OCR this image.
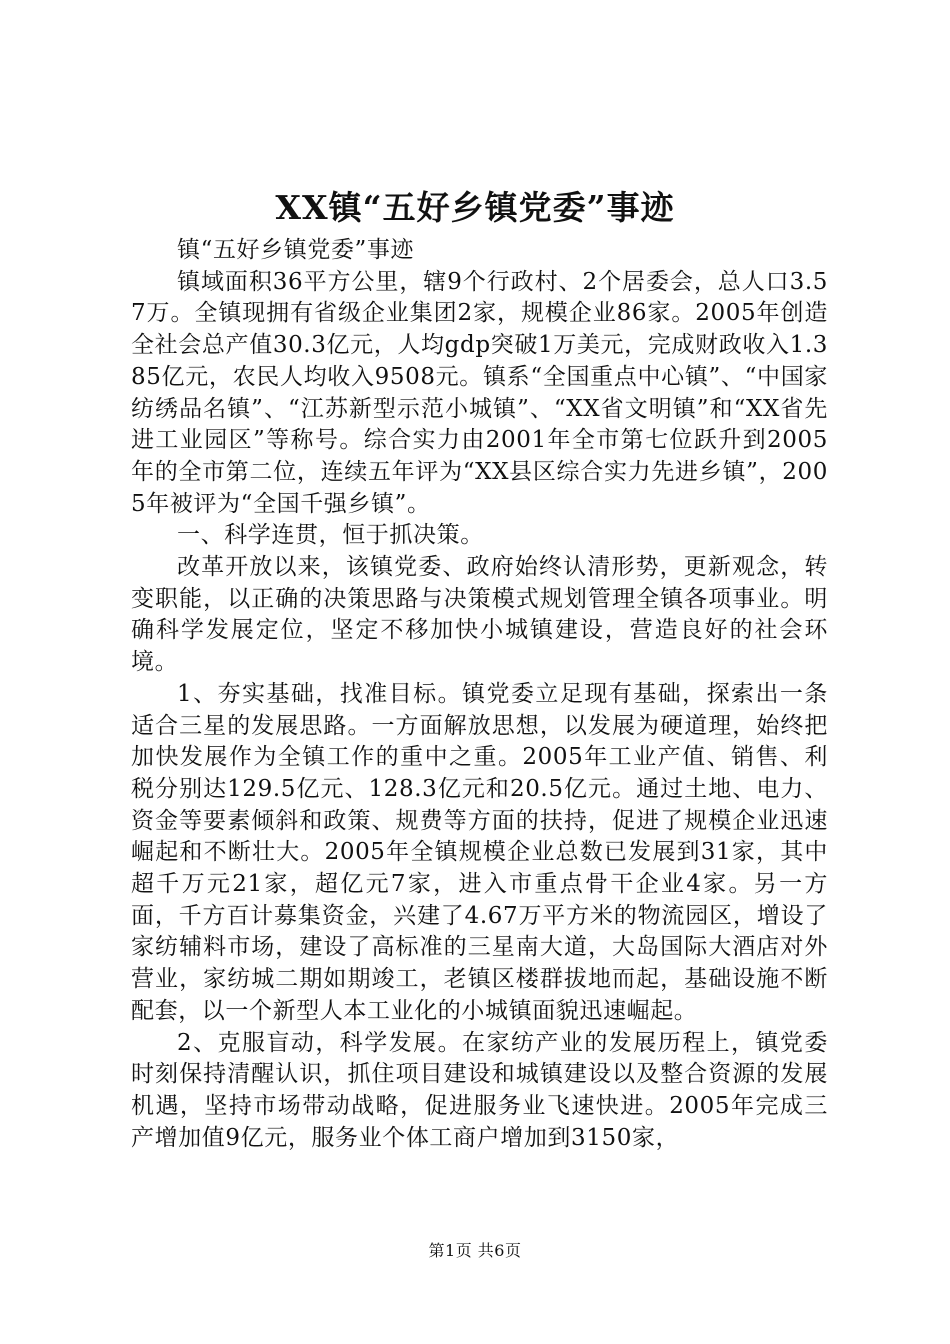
XX镇“五好乡镇党委”事迹

镇“五好乡镇党委”事迹

镇域面积36平方公里，辖9个行政村、2个居委会，总人口3.57万。全镇现拥有省级企业集团2家，规模企业86家。2005年创造全社会总产值30.3亿元，人均gdp突破1万美元，完成财政收入1.385亿元，农民人均收入9508元。镇系“全国重点中心镇”、“中国家纺绣品名镇”、“江苏新型示范小城镇”、“XX省文明镇”和“XX省先进工业园区”等称号。综合实力由2001年全市第七位跃升到2005年的全市第二位，连续五年评为“XX县区综合实力先进乡镇”，2005年被评为“全国千强乡镇”。

一、科学连贯，恒于抓决策。

改革开放以来，该镇党委、政府始终认清形势，更新观念，转变职能，以正确的决策思路与决策模式规划管理全镇各项事业。明确科学发展定位，坚定不移加快小城镇建设，营造良好的社会环境。

1、夯实基础，找准目标。镇党委立足现有基础，探索出一条适合三星的发展思路。一方面解放思想，以发展为硬道理，始终把加快发展作为全镇工作的重中之重。2005年工业产值、销售、利税分别达129.5亿元、128.3亿元和20.5亿元。通过土地、电力、资金等要素倾斜和政策、规费等方面的扶持，促进了规模企业迅速崛起和不断壮大。2005年全镇规模企业总数已发展到31家，其中超千万元21家，超亿元7家，进入市重点骨干企业4家。另一方面，千方百计募集资金，兴建了4.67万平方米的物流园区，增设了家纺辅料市场，建设了高标准的三星南大道，大岛国际大酒店对外营业，家纺城二期如期竣工，老镇区楼群拔地而起，基础设施不断配套，以一个新型人本工业化的小城镇面貌迅速崛起。

2、克服盲动，科学发展。在家纺产业的发展历程上，镇党委时刻保持清醒认识，抓住项目建设和城镇建设以及整合资源的发展机遇，坚持市场带动战略，促进服务业飞速快进。2005年完成三产增加值9亿元，服务业个体工商户增加到3150家，

第1页 共6页
